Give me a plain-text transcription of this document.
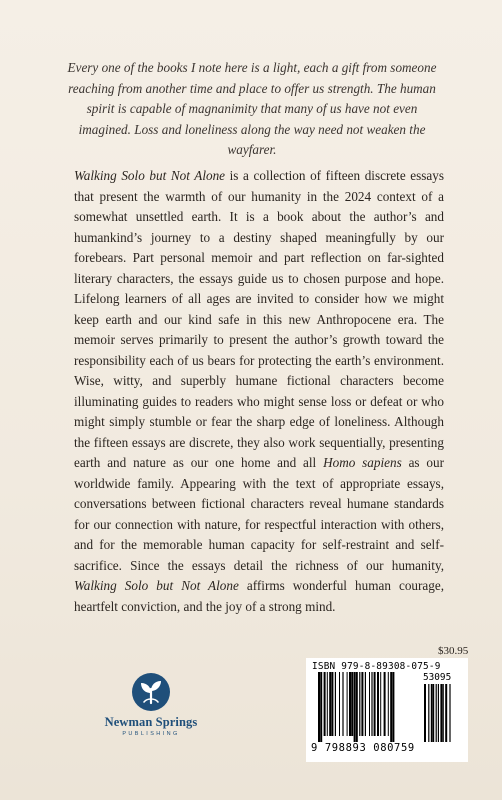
Every one of the books I note here is a light, each a gift from someone reaching from another time and place to offer us strength. The human spirit is capable of magnanimity that many of us have not even imagined. Loss and loneliness along the way need not weaken the wayfarer.
Walking Solo but Not Alone is a collection of fifteen discrete essays that present the warmth of our humanity in the 2024 context of a somewhat unsettled earth. It is a book about the author’s and humankind’s journey to a destiny shaped meaningfully by our forebears. Part personal memoir and part reflection on far-sighted literary characters, the essays guide us to chosen purpose and hope. Lifelong learners of all ages are invited to consider how we might keep earth and our kind safe in this new Anthropocene era. The memoir serves primarily to present the author’s growth toward the responsibility each of us bears for protecting the earth’s environment. Wise, witty, and superbly humane fictional characters become illuminating guides to readers who might sense loss or defeat or who might simply stumble or fear the sharp edge of loneliness. Although the fifteen essays are discrete, they also work sequentially, presenting earth and nature as our one home and all Homo sapiens as our worldwide family. Appearing with the text of appropriate essays, conversations between fictional characters reveal humane standards for our connection with nature, for respectful interaction with others, and for the memorable human capacity for self-restraint and self-sacrifice. Since the essays detail the richness of our humanity, Walking Solo but Not Alone affirms wonderful human courage, heartfelt conviction, and the joy of a strong mind.
Newman Springs
PUBLISHING
$30.95
ISBN 979-8-89308-075-9
53095
9 798893 080759
